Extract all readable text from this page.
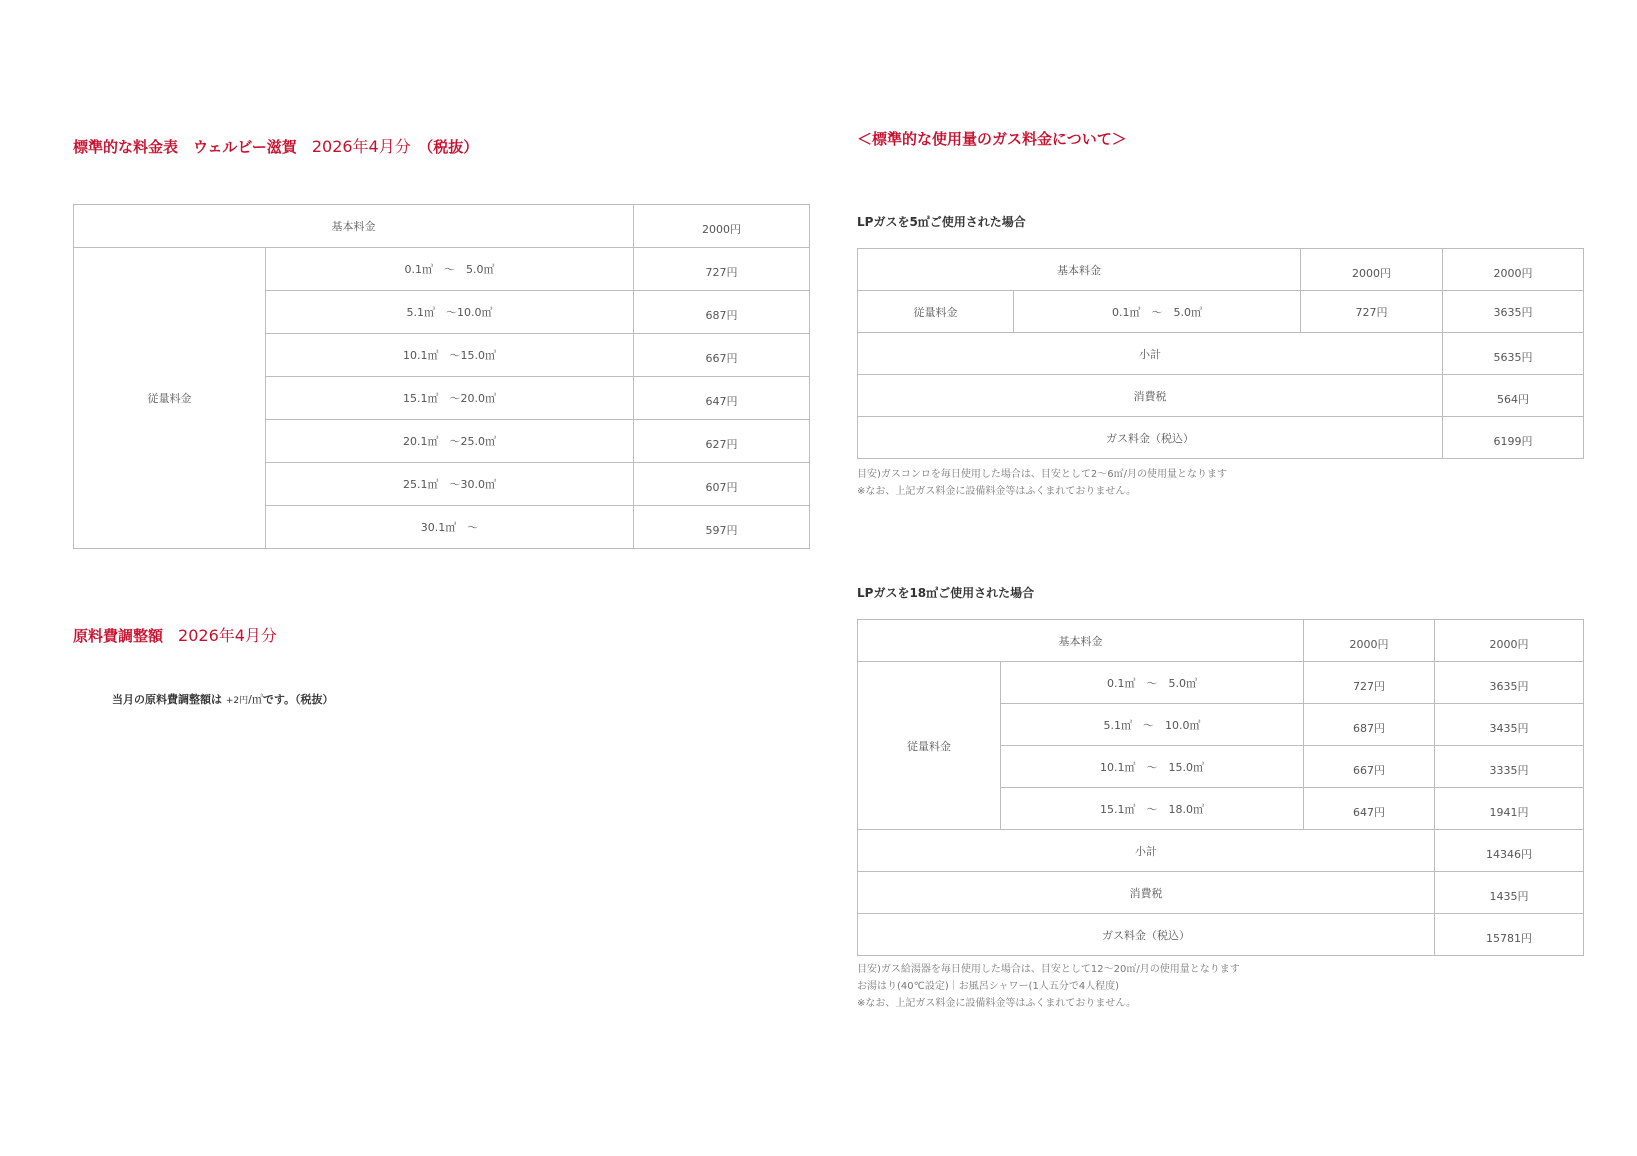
標準的な料金表　ウェルビー滋賀　 2026年4月分　 （税抜）
基本料金		2000円
従量料金	0.1㎥　～　5.0㎥	727円
	5.1㎥　～10.0㎥	687円
	10.1㎥　～15.0㎥	667円
	15.1㎥　～20.0㎥	647円
	20.1㎥　～25.0㎥	627円
	25.1㎥　～30.0㎥	607円
	30.1㎥　～	597円
原料費調整額　 2026年4月分
当月の原料費調整額は +2円/㎥です。（税抜）
＜標準的な使用量のガス料金について＞
LPガスを5㎥ご使用された場合
基本料金		2000円	2000円
従量料金	0.1㎥　～　5.0㎥	727円	3635円
小計			5635円
消費税			564円
ガス料金（税込）			6199円
目安)ガスコンロを毎日使用した場合は、目安として2～6㎥/月の使用量となります
※なお、上記ガス料金に設備料金等はふくまれておりません。
LPガスを18㎥ご使用された場合
基本料金		2000円	2000円
従量料金	0.1㎥　～　5.0㎥	727円	3635円
	5.1㎥　～　10.0㎥	687円	3435円
	10.1㎥　～　15.0㎥	667円	3335円
	15.1㎥　～　18.0㎥	647円	1941円
小計			14346円
消費税			1435円
ガス料金（税込）			15781円
目安)ガス給湯器を毎日使用した場合は、目安として12～20㎥/月の使用量となります
お湯はり(40℃設定)｜お風呂シャワー(1人五分で4人程度)
※なお、上記ガス料金に設備料金等はふくまれておりません。
